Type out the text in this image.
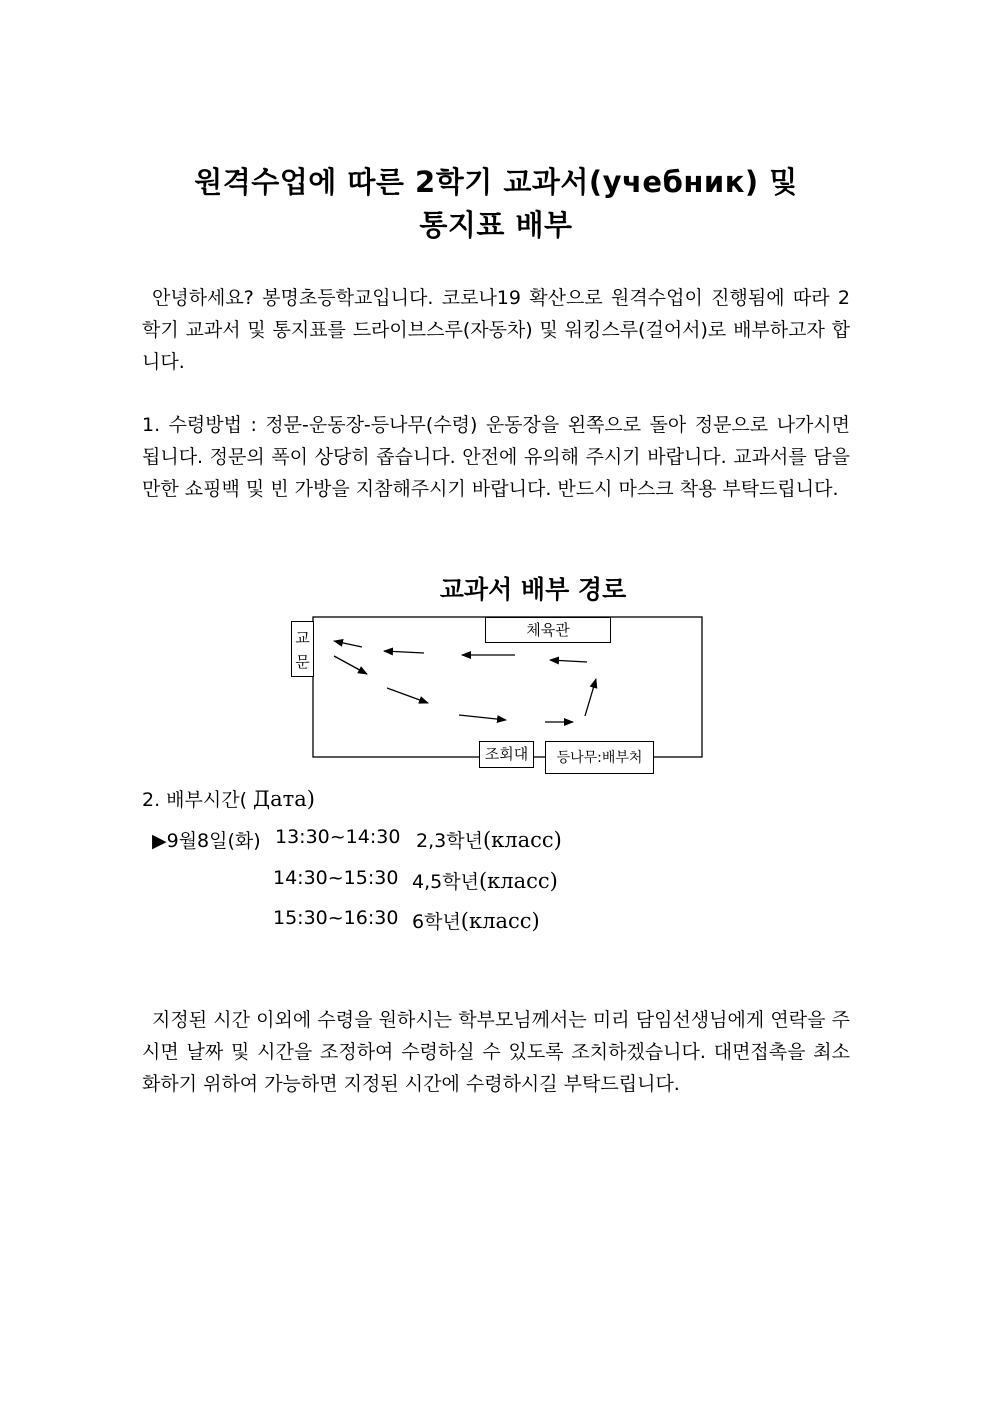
원격수업에 따른 2학기 교과서(учебник) 및
통지표 배부
안녕하세요? 봉명초등학교입니다. 코로나19 확산으로 원격수업이 진행됨에 따라 2학기 교과서 및 통지표를 드라이브스루(자동차) 및 워킹스루(걸어서)로 배부하고자 합니다.
1. 수령방법 : 정문-운동장-등나무(수령) 운동장을 왼쪽으로 돌아 정문으로 나가시면 됩니다. 정문의 폭이 상당히 좁습니다. 안전에 유의해 주시기 바랍니다. 교과서를 담을 만한 쇼핑백 및 빈 가방을 지참해주시기 바랍니다. 반드시 마스크 착용 부탁드립니다.
교과서 배부 경로
교
문
체육관
조회대	등나무:배부처
2. 배부시간( Дата)
▶9월8일(화) 13:30~14:30 2,3학년(класс)
14:30~15:30 4,5학년(класс)
15:30~16:30 6학년(класс)
지정된 시간 이외에 수령을 원하시는 학부모님께서는 미리 담임선생님에게 연락을 주시면 날짜 및 시간을 조정하여 수령하실 수 있도록 조치하겠습니다. 대면접촉을 최소화하기 위하여 가능하면 지정된 시간에 수령하시길 부탁드립니다.
